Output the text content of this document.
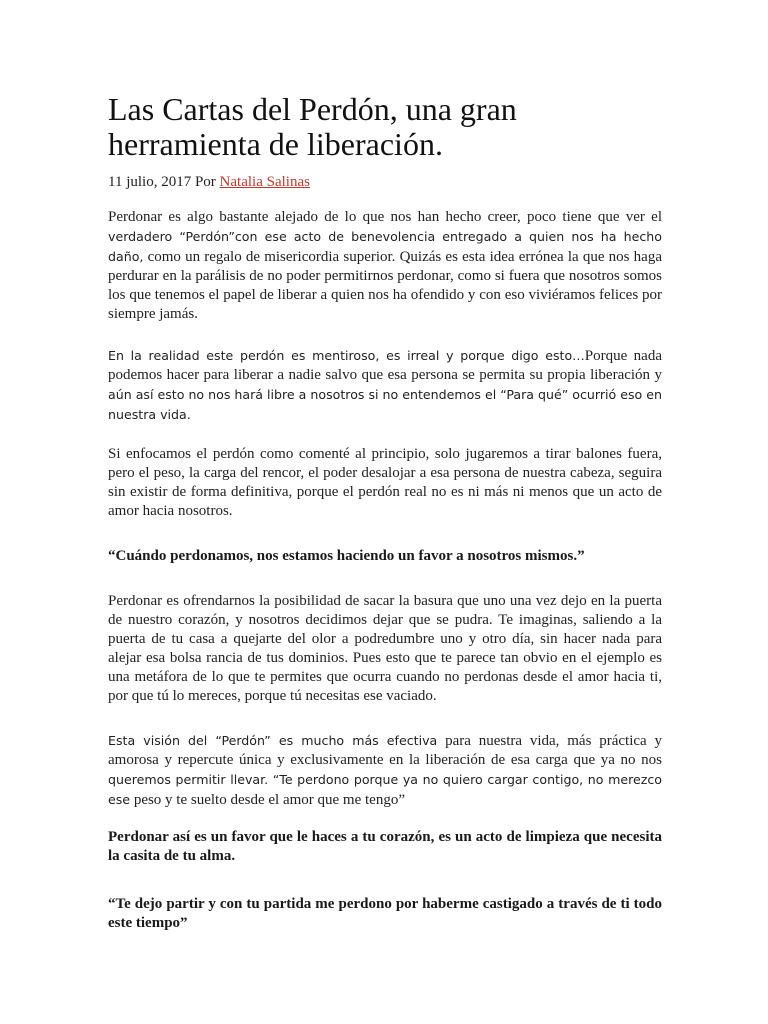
Las Cartas del Perdón, una gran herramienta de liberación.
11 julio, 2017 Por Natalia Salinas

Perdonar es algo bastante alejado de lo que nos han hecho creer, poco tiene que ver el verdadero “Perdón”con ese acto de benevolencia entregado a quien nos ha hecho daño, como un regalo de misericordia superior. Quizás es esta idea errónea la que nos haga perdurar en la parálisis de no poder permitirnos perdonar, como si fuera que nosotros somos los que tenemos el papel de liberar a quien nos ha ofendido y con eso viviéramos felices por siempre jamás.

En la realidad este perdón es mentiroso, es irreal y porque digo esto…Porque nada podemos hacer para liberar a nadie salvo que esa persona se permita su propia liberación y aún así esto no nos hará libre a nosotros si no entendemos el “Para qué” ocurrió eso en nuestra vida.

Si enfocamos el perdón como comenté al principio, solo jugaremos a tirar balones fuera, pero el peso, la carga del rencor, el poder desalojar a esa persona de nuestra cabeza, seguira sin existir de forma definitiva, porque el perdón real no es ni más ni menos que un acto de amor hacia nosotros.

“Cuándo perdonamos, nos estamos haciendo un favor a nosotros mismos.”

Perdonar es ofrendarnos la posibilidad de sacar la basura que uno una vez dejo en la puerta de nuestro corazón, y nosotros decidimos dejar que se pudra. Te imaginas, saliendo a la puerta de tu casa a quejarte del olor a podredumbre uno y otro día, sin hacer nada para alejar esa bolsa rancia de tus dominios. Pues esto que te parece tan obvio en el ejemplo es una metáfora de lo que te permites que ocurra cuando no perdonas desde el amor hacia ti, por que tú lo mereces, porque tú necesitas ese vaciado.

Esta visión del “Perdón” es mucho más efectiva para nuestra vida, más práctica y amorosa y repercute única y exclusivamente en la liberación de esa carga que ya no nos queremos permitir llevar. “Te perdono porque ya no quiero cargar contigo, no merezco ese peso y te suelto desde el amor que me tengo”

Perdonar así es un favor que le haces a tu corazón, es un acto de limpieza que necesita la casita de tu alma.

“Te dejo partir y con tu partida me perdono por haberme castigado a través de ti todo este tiempo”
